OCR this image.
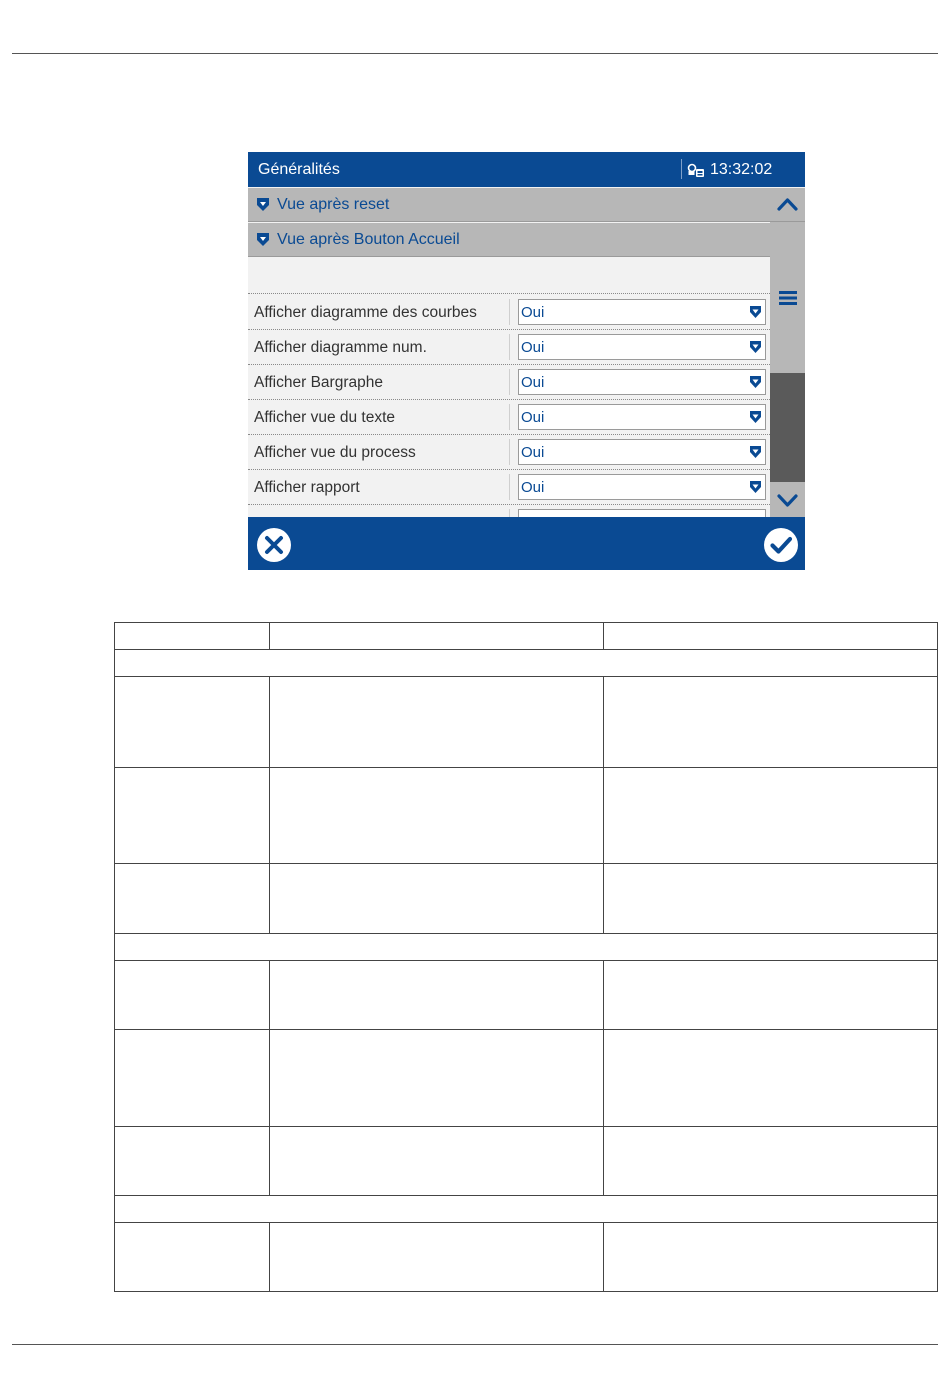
Généralités	13:32:02
Vue après reset
Vue après Bouton Accueil
Afficher diagramme des courbes	Oui
Afficher diagramme num.	Oui
Afficher Bargraphe	Oui
Afficher vue du texte	Oui
Afficher vue du process	Oui
Afficher rapport	Oui
